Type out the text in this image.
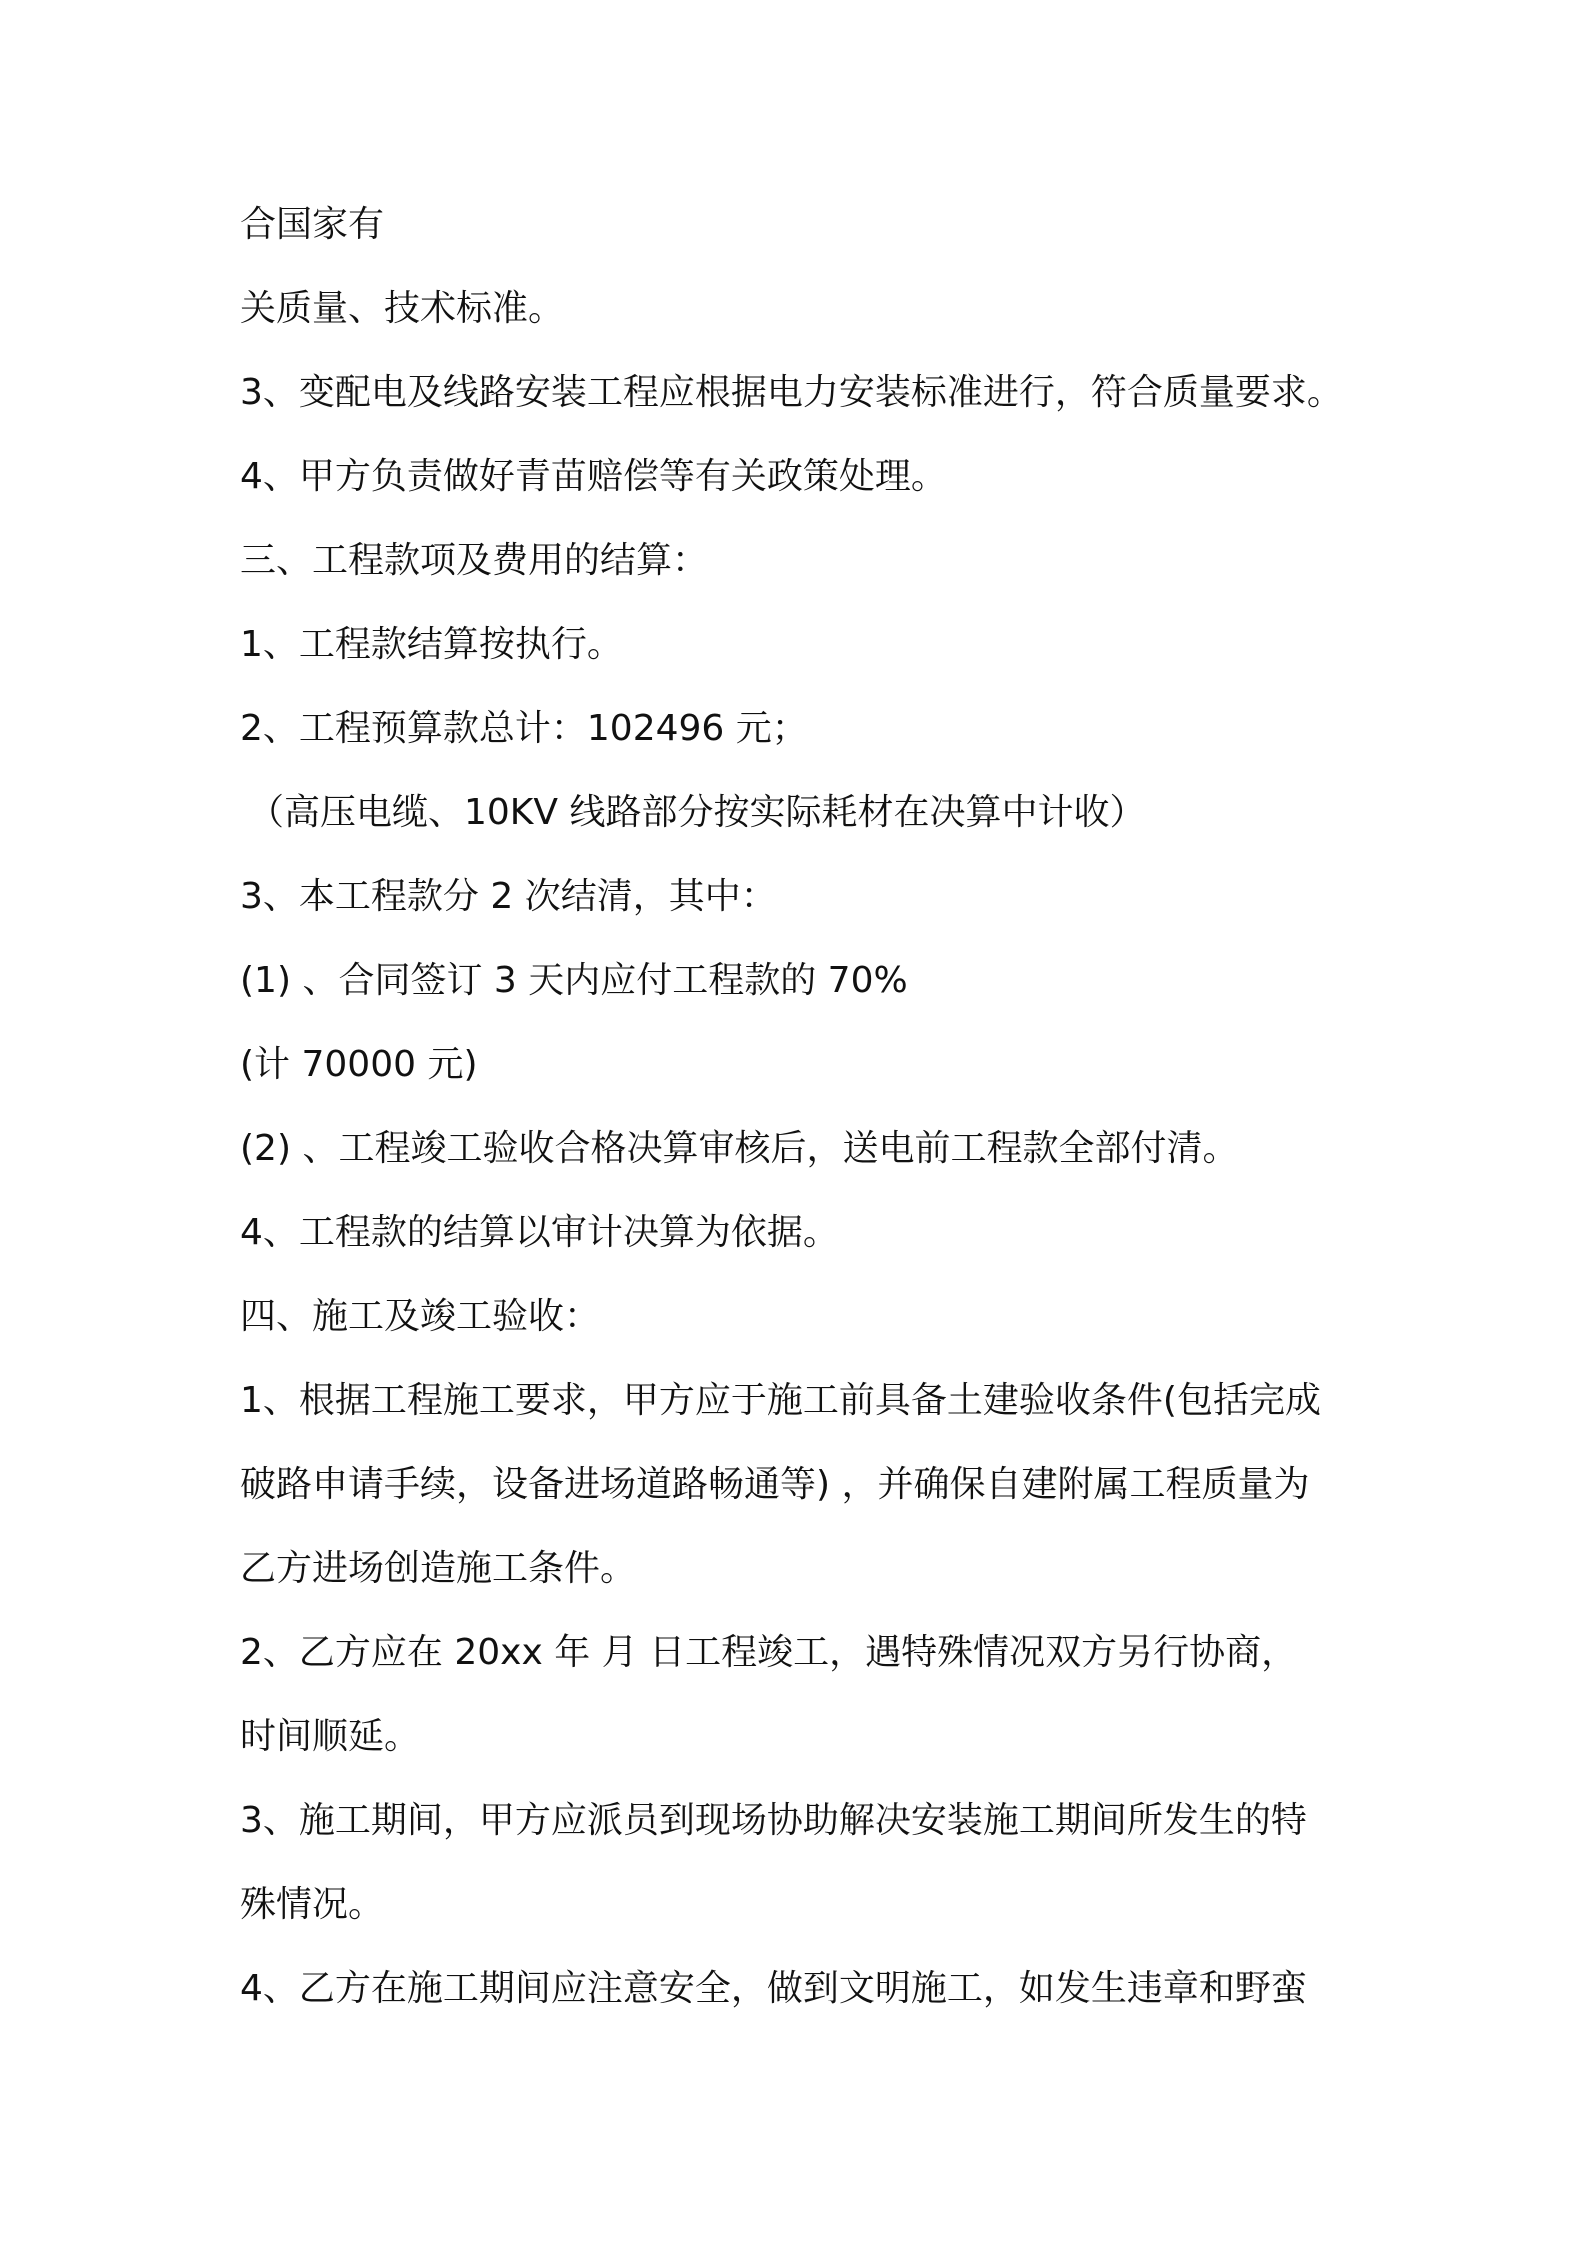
合国家有
关质量、技术标准。
3、变配电及线路安装工程应根据电力安装标准进行，符合质量要求。
4、甲方负责做好青苗赔偿等有关政策处理。
三、工程款项及费用的结算：
1、工程款结算按执行。
2、工程预算款总计：102496 元；
（高压电缆、10KV 线路部分按实际耗材在决算中计收）
3、本工程款分 2 次结清，其中：
(1) 、合同签订 3 天内应付工程款的 70%
(计 70000 元)
(2) 、工程竣工验收合格决算审核后，送电前工程款全部付清。
4、工程款的结算以审计决算为依据。
四、施工及竣工验收：
1、根据工程施工要求，甲方应于施工前具备土建验收条件(包括完成
破路申请手续，设备进场道路畅通等) ，并确保自建附属工程质量为
乙方进场创造施工条件。
2、乙方应在 20xx 年 月 日工程竣工，遇特殊情况双方另行协商，
时间顺延。
3、施工期间，甲方应派员到现场协助解决安装施工期间所发生的特
殊情况。
4、乙方在施工期间应注意安全，做到文明施工，如发生违章和野蛮
